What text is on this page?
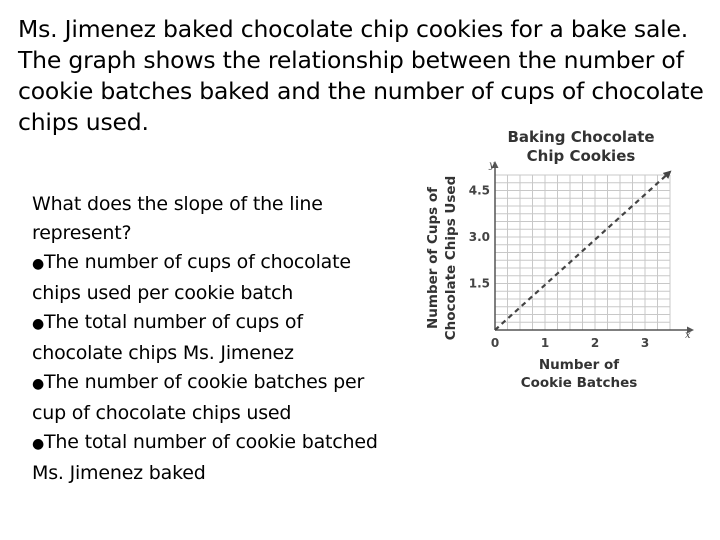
Ms. Jimenez baked chocolate chip cookies for a bake sale. The graph shows the relationship between the number of cookie batches baked and the number of cups of chocolate chips used.

What does the slope of the line represent?

● The number of cups of chocolate chips used per cookie batch

● The total number of cups of chocolate chips Ms. Jimenez

● The number of cookie batches per cup of chocolate chips used

● The total number of cookie batched Ms. Jimenez baked

0	1	2	3
1.5
3.0
4.5
Baking Chocolate
Chip Cookies
Number of
Cookie Batches
Number of Cups of Chocolate Chips Used	x
y
